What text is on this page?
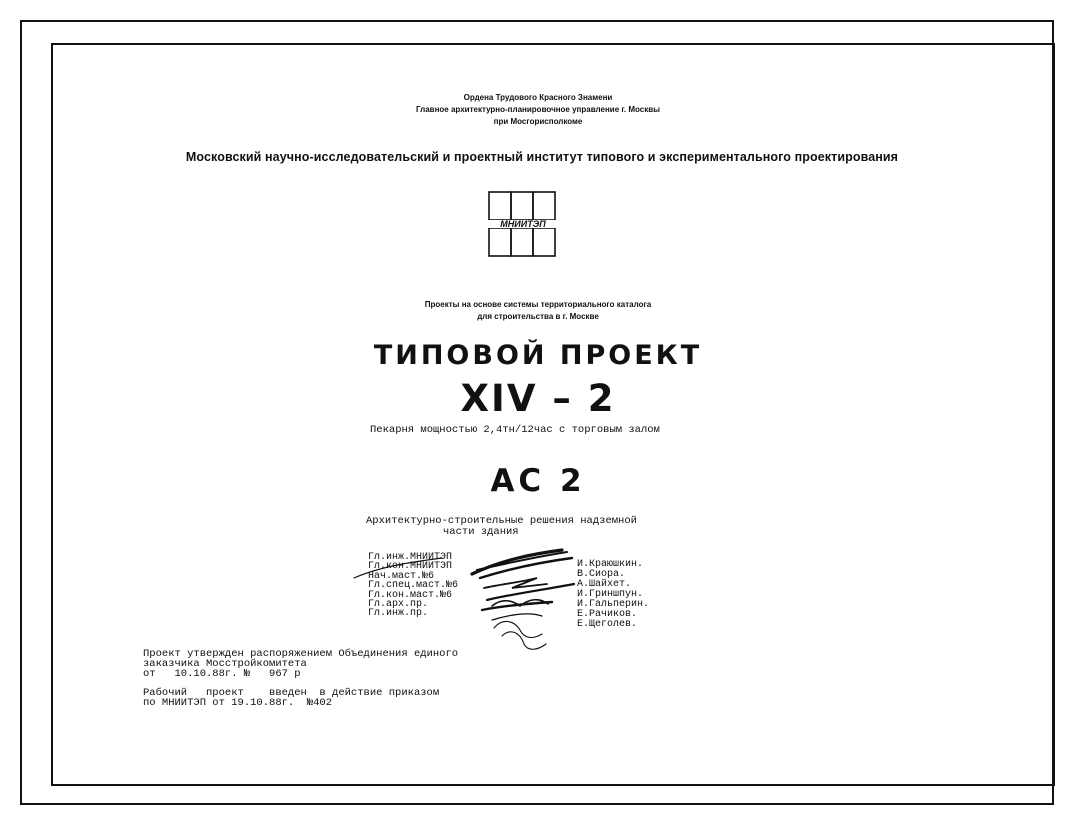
Ордена Трудового Красного Знамени
Главное архитектурно-планировочное управление г. Москвы
при Мосгорисполкоме
Московский научно-исследовательский и проектный институт типового и экспериментального проектирования
МНИИТЭП
Проекты на основе системы территориального каталога
для строительства в г. Москве
ТИПОВОЙ ПРОЕКТ
XIV – 2
Пекарня мощностью 2,4тн/12час с торговым залом
АС 2
Архитектурно-строительные решения надземной
части здания
Гл.инж.МНИИТЭП
Гл.кон.МНИИТЭП
Нач.маст.№6
Гл.спец.маст.№6
Гл.кон.маст.№6
Гл.арх.пр.
Гл.инж.пр.
И.Краюшкин.
В.Сиора.
А.Шайхет.
И.Гриншпун.
И.Гальперин.
Е.Рачиков.
Е.Щеголев.
Проект утвержден распоряжением Объединения единого
заказчика Мосстройкомитета
от   10.10.88г. №   967 р
Рабочий   проект    введен  в действие приказом
по МНИИТЭП от 19.10.88г.  №402
